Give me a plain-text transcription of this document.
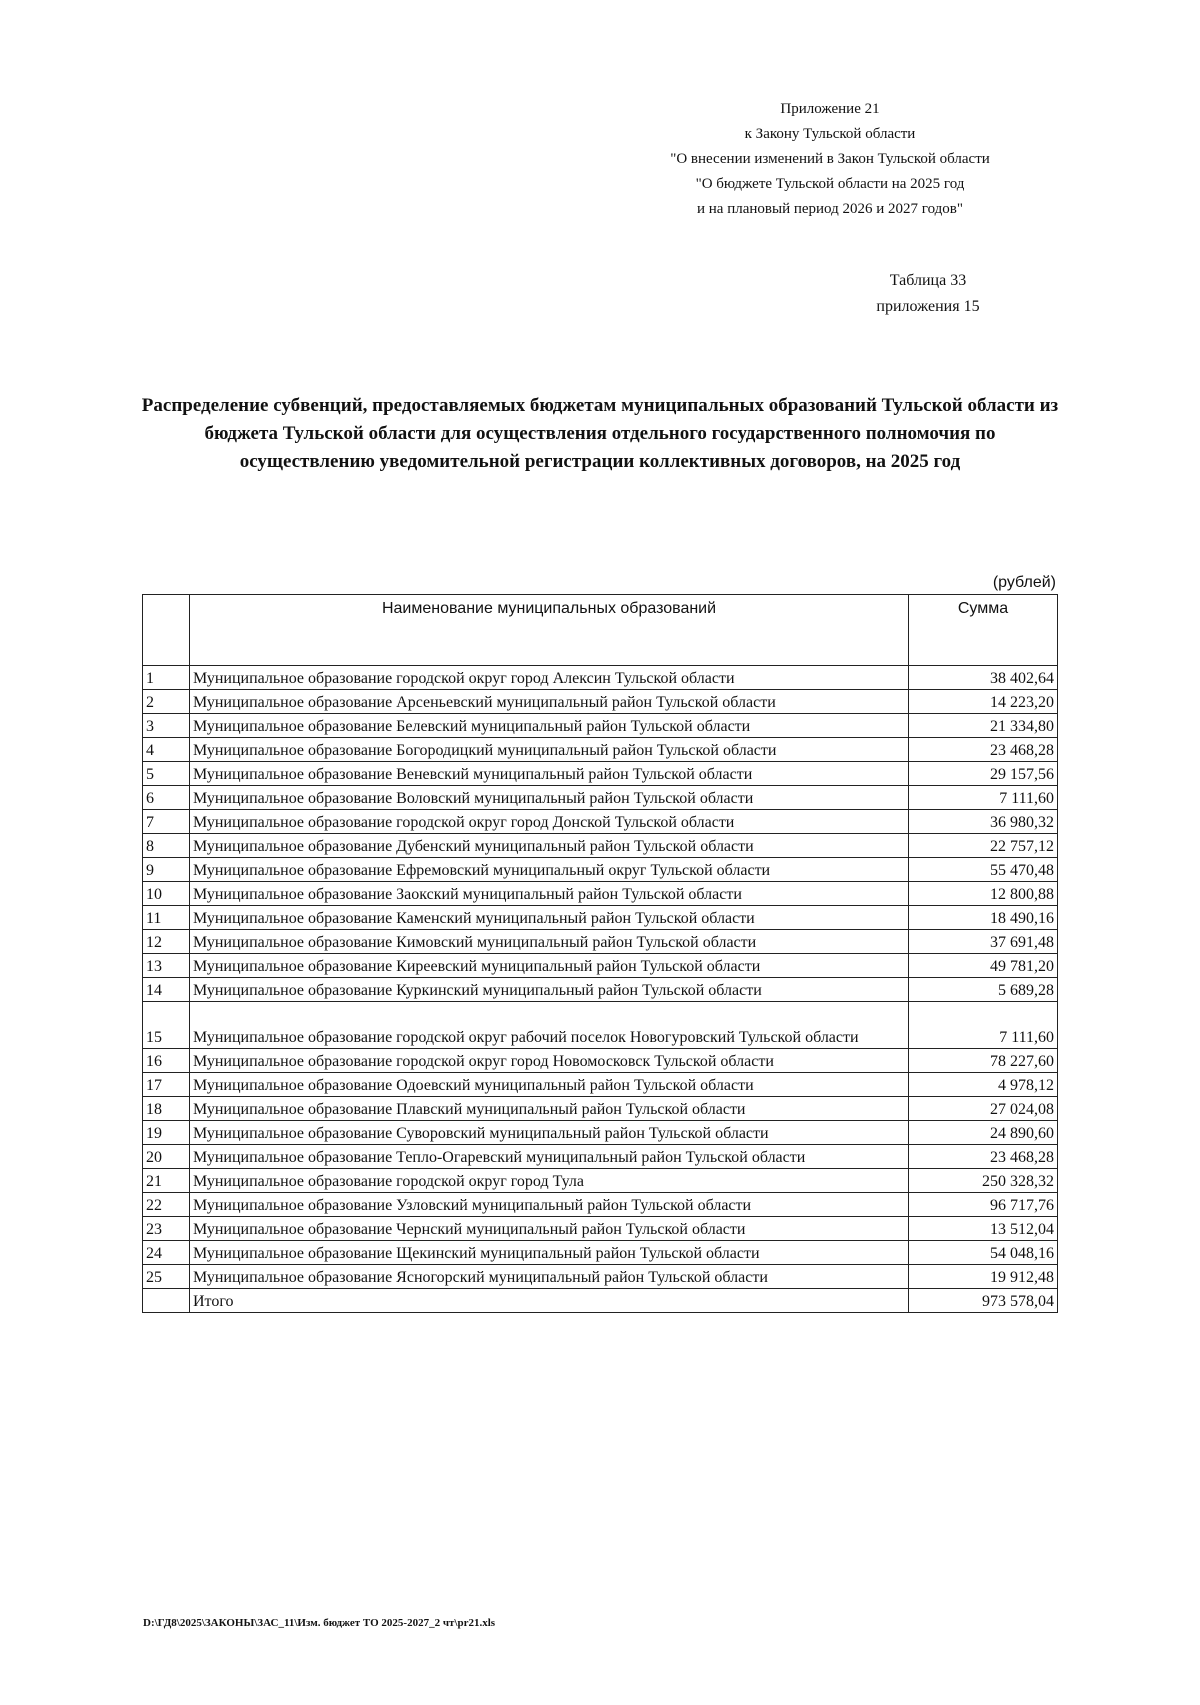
Приложение 21
к Закону Тульской области
"О внесении изменений в Закон Тульской области
"О бюджете Тульской области на 2025 год
и на плановый период 2026 и 2027 годов"
Таблица 33
приложения 15
Распределение субвенций, предоставляемых бюджетам муниципальных образований Тульской области из бюджета Тульской области для осуществления отдельного государственного полномочия по осуществлению уведомительной регистрации коллективных договоров, на 2025 год
(рублей)
	Наименование муниципальных образований	Сумма
1	Муниципальное образование городской округ город Алексин Тульской области	38 402,64
2	Муниципальное образование Арсеньевский муниципальный район Тульской области	14 223,20
3	Муниципальное образование Белевский муниципальный район Тульской области	21 334,80
4	Муниципальное образование Богородицкий муниципальный район Тульской области	23 468,28
5	Муниципальное образование Веневский муниципальный район Тульской области	29 157,56
6	Муниципальное образование Воловский муниципальный район Тульской области	7 111,60
7	Муниципальное образование городской округ город Донской Тульской области	36 980,32
8	Муниципальное образование Дубенский муниципальный район Тульской области	22 757,12
9	Муниципальное образование Ефремовский муниципальный округ Тульской области	55 470,48
10	Муниципальное образование Заокский муниципальный район Тульской области	12 800,88
11	Муниципальное образование Каменский муниципальный район Тульской области	18 490,16
12	Муниципальное образование Кимовский муниципальный район Тульской области	37 691,48
13	Муниципальное образование Киреевский муниципальный район Тульской области	49 781,20
14	Муниципальное образование Куркинский муниципальный район Тульской области	5 689,28
15	Муниципальное образование городской округ рабочий поселок Новогуровский Тульской области	7 111,60
16	Муниципальное образование городской округ город Новомосковск Тульской области	78 227,60
17	Муниципальное образование Одоевский муниципальный район Тульской области	4 978,12
18	Муниципальное образование Плавский муниципальный район Тульской области	27 024,08
19	Муниципальное образование Суворовский муниципальный район Тульской области	24 890,60
20	Муниципальное образование Тепло-Огаревский муниципальный район Тульской области	23 468,28
21	Муниципальное образование городской округ город Тула	250 328,32
22	Муниципальное образование Узловский муниципальный район Тульской области	96 717,76
23	Муниципальное образование Чернский муниципальный район Тульской области	13 512,04
24	Муниципальное образование Щекинский муниципальный район Тульской области	54 048,16
25	Муниципальное образование Ясногорский муниципальный район Тульской области	19 912,48
	Итого	973 578,04
D:\ГД8\2025\ЗАКОНЫ\ЗАС_11\Изм. бюджет ТО 2025-2027_2 чт\pr21.xls
